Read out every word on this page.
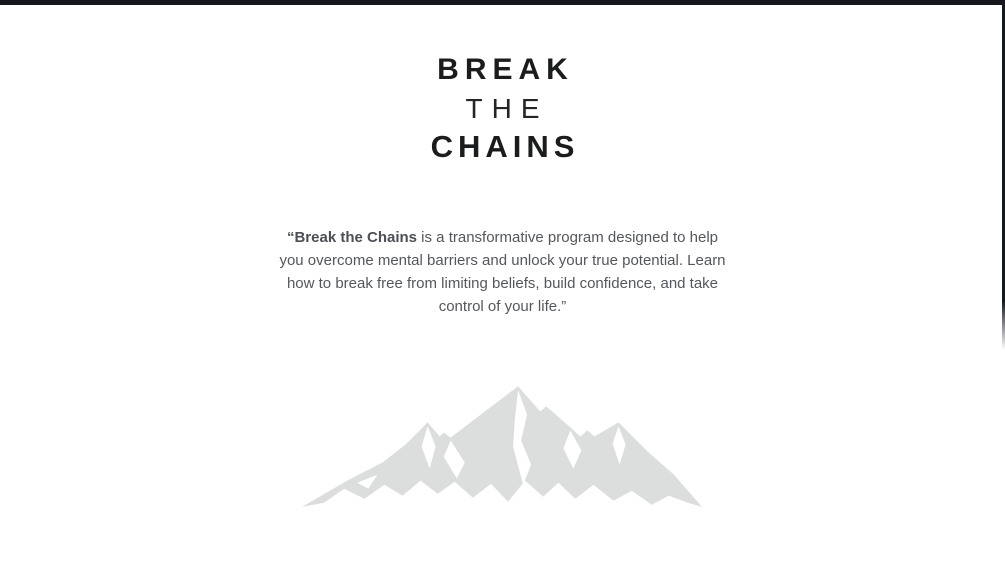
BREAK
THE
CHAINS

“Break the Chains is a transformative program designed to help you overcome mental barriers and unlock your true potential. Learn how to break free from limiting beliefs, build confidence, and take control of your life.”
